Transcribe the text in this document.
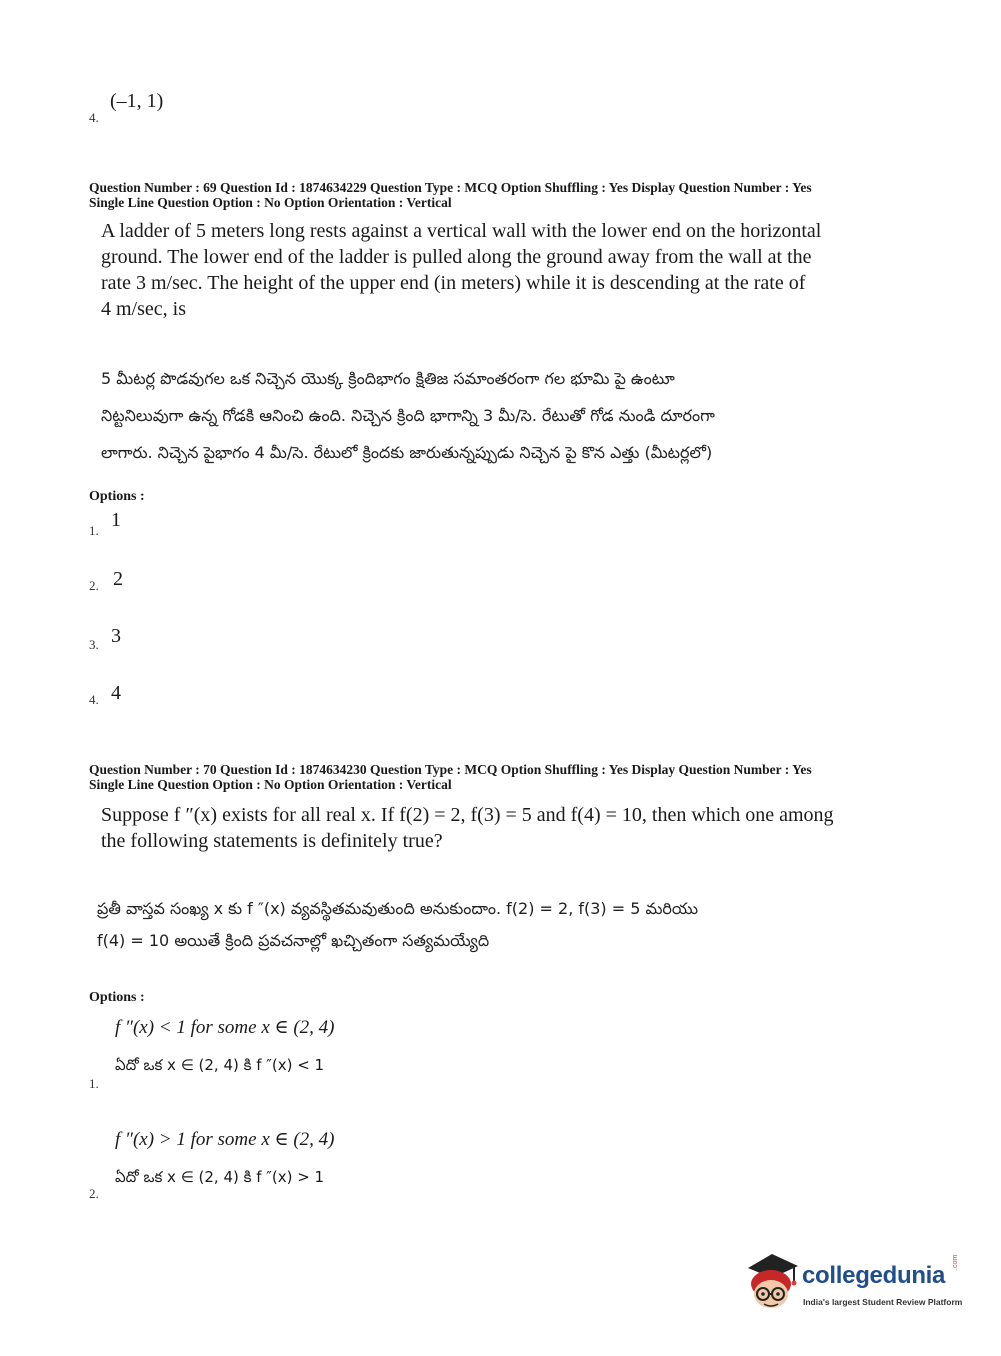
4.
(–1, 1)
Question Number : 69 Question Id : 1874634229 Question Type : MCQ Option Shuffling : Yes Display Question Number : Yes
Single Line Question Option : No Option Orientation : Vertical
A ladder of 5 meters long rests against a vertical wall with the lower end on the horizontal
ground. The lower end of the ladder is pulled along the ground away from the wall at the
rate 3 m/sec. The height of the upper end (in meters) while it is descending at the rate of
4 m/sec, is
5 మీటర్ల పొడవుగల ఒక నిచ్చెన యొక్క క్రిందిభాగం క్షితిజ సమాంతరంగా గల భూమి పై ఉంటూ
నిట్టనిలువుగా ఉన్న గోడకి ఆనించి ఉంది. నిచ్చెన క్రింది భాగాన్ని 3 మీ/సె. రేటుతో గోడ నుండి దూరంగా
లాగారు. నిచ్చెన పైభాగం 4 మీ/సె. రేటులో క్రిందకు జారుతున్నప్పుడు నిచ్చెన పై కొన ఎత్తు (మీటర్లలో)
Options :
1. 1
2. 2
3. 3
4. 4
Question Number : 70 Question Id : 1874634230 Question Type : MCQ Option Shuffling : Yes Display Question Number : Yes
Single Line Question Option : No Option Orientation : Vertical
Suppose f ″(x) exists for all real x. If f(2) = 2, f(3) = 5 and f(4) = 10, then which one among
the following statements is definitely true?
ప్రతీ వాస్తవ సంఖ్య x కు f ″(x) వ్యవస్థితమవుతుంది అనుకుందాం. f(2) = 2, f(3) = 5 మరియు
f(4) = 10 అయితే క్రింది ప్రవచనాల్లో ఖచ్చితంగా సత్యమయ్యేది
Options :
f ″(x) < 1 for some x ∈ (2, 4)
ఏదో ఒక x ∈ (2, 4) కి f ″(x) < 1
1.
f ″(x) > 1 for some x ∈ (2, 4)
ఏదో ఒక x ∈ (2, 4) కి f ″(x) > 1
2.
collegedunia .com
India's largest Student Review Platform
